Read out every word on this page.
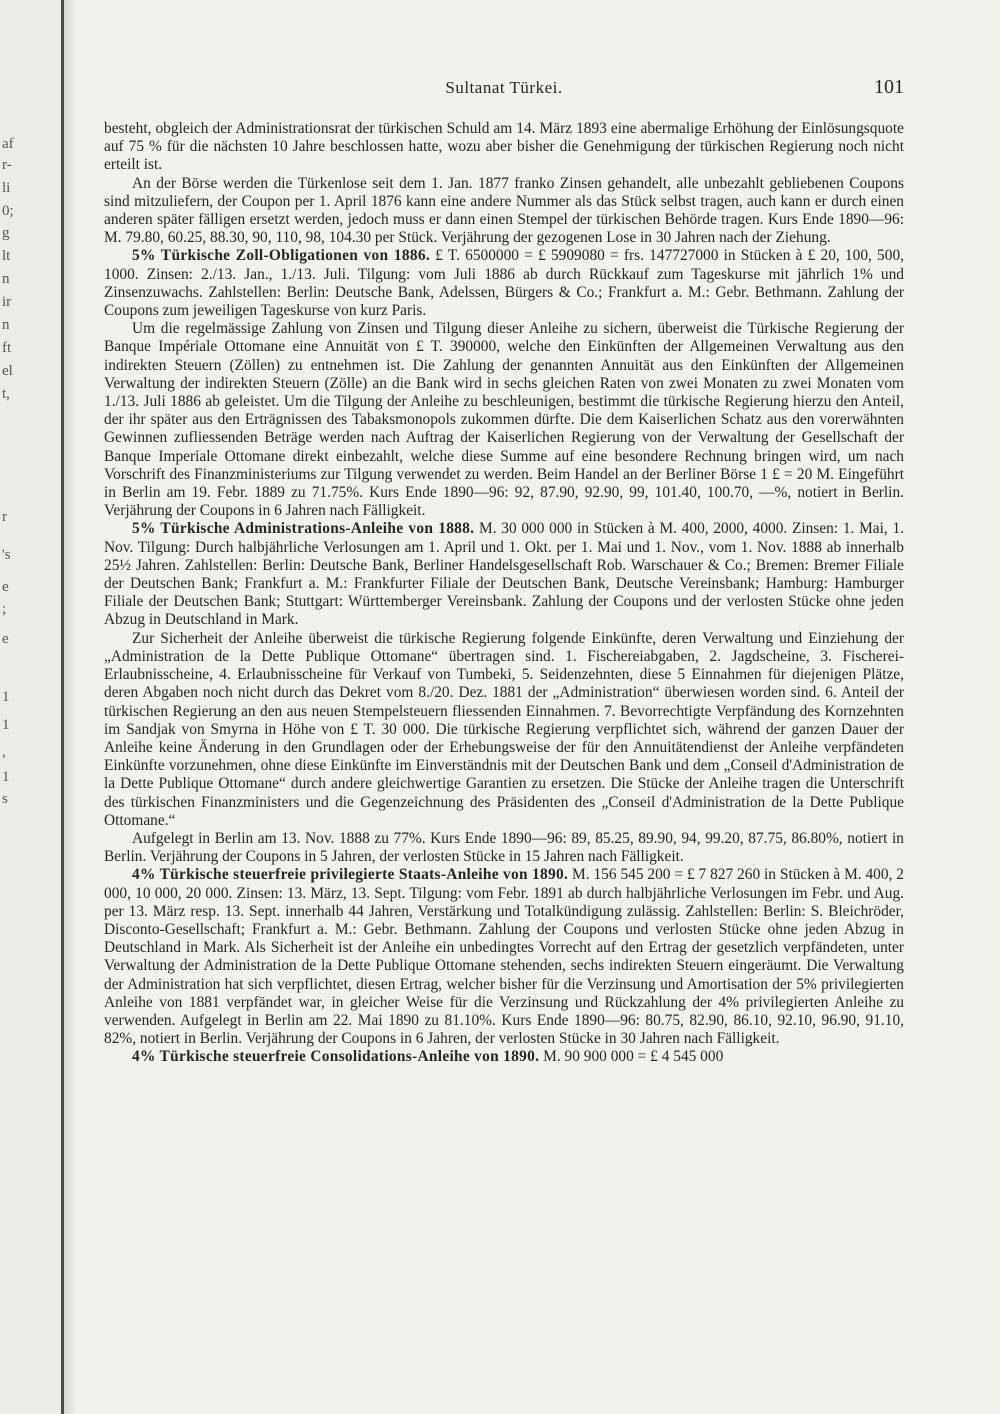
af
r-
li
0;
g
lt
n
ir
n
ft
el
t,
r
's
e
;
e
1
1
,
1
s
Sultanat Türkei.	101

besteht, obgleich der Administrationsrat der türkischen Schuld am 14. März 1893 eine abermalige Erhöhung der Einlösungsquote auf 75 % für die nächsten 10 Jahre beschlossen hatte, wozu aber bisher die Genehmigung der türkischen Regierung noch nicht erteilt ist.

An der Börse werden die Türkenlose seit dem 1. Jan. 1877 franko Zinsen gehandelt, alle unbezahlt gebliebenen Coupons sind mitzuliefern, der Coupon per 1. April 1876 kann eine andere Nummer als das Stück selbst tragen, auch kann er durch einen anderen später fälligen ersetzt werden, jedoch muss er dann einen Stempel der türkischen Behörde tragen. Kurs Ende 1890—96: M. 79.80, 60.25, 88.30, 90, 110, 98, 104.30 per Stück. Verjährung der gezogenen Lose in 30 Jahren nach der Ziehung.

5% Türkische Zoll-Obligationen von 1886. £ T. 6500000 = £ 5909080 = frs. 147727000 in Stücken à £ 20, 100, 500, 1000. Zinsen: 2./13. Jan., 1./13. Juli. Tilgung: vom Juli 1886 ab durch Rückkauf zum Tageskurse mit jährlich 1% und Zinsenzuwachs. Zahlstellen: Berlin: Deutsche Bank, Adelssen, Bürgers & Co.; Frankfurt a. M.: Gebr. Bethmann. Zahlung der Coupons zum jeweiligen Tageskurse von kurz Paris.

Um die regelmässige Zahlung von Zinsen und Tilgung dieser Anleihe zu sichern, überweist die Türkische Regierung der Banque Impériale Ottomane eine Annuität von £ T. 390000, welche den Einkünften der Allgemeinen Verwaltung aus den indirekten Steuern (Zöllen) zu entnehmen ist. Die Zahlung der genannten Annuität aus den Einkünften der Allgemeinen Verwaltung der indirekten Steuern (Zölle) an die Bank wird in sechs gleichen Raten von zwei Monaten zu zwei Monaten vom 1./13. Juli 1886 ab geleistet. Um die Tilgung der Anleihe zu beschleunigen, bestimmt die türkische Regierung hierzu den Anteil, der ihr später aus den Erträgnissen des Tabaksmonopols zukommen dürfte. Die dem Kaiserlichen Schatz aus den vorerwähnten Gewinnen zufliessenden Beträge werden nach Auftrag der Kaiserlichen Regierung von der Verwaltung der Gesellschaft der Banque Imperiale Ottomane direkt einbezahlt, welche diese Summe auf eine besondere Rechnung bringen wird, um nach Vorschrift des Finanzministeriums zur Tilgung verwendet zu werden. Beim Handel an der Berliner Börse 1 £ = 20 M. Eingeführt in Berlin am 19. Febr. 1889 zu 71.75%. Kurs Ende 1890—96: 92, 87.90, 92.90, 99, 101.40, 100.70, —%, notiert in Berlin. Verjährung der Coupons in 6 Jahren nach Fälligkeit.

5% Türkische Administrations-Anleihe von 1888. M. 30 000 000 in Stücken à M. 400, 2000, 4000. Zinsen: 1. Mai, 1. Nov. Tilgung: Durch halbjährliche Verlosungen am 1. April und 1. Okt. per 1. Mai und 1. Nov., vom 1. Nov. 1888 ab innerhalb 25½ Jahren. Zahlstellen: Berlin: Deutsche Bank, Berliner Handelsgesellschaft Rob. Warschauer & Co.; Bremen: Bremer Filiale der Deutschen Bank; Frankfurt a. M.: Frankfurter Filiale der Deutschen Bank, Deutsche Vereinsbank; Hamburg: Hamburger Filiale der Deutschen Bank; Stuttgart: Württemberger Vereinsbank. Zahlung der Coupons und der verlosten Stücke ohne jeden Abzug in Deutschland in Mark.

Zur Sicherheit der Anleihe überweist die türkische Regierung folgende Einkünfte, deren Verwaltung und Einziehung der „Administration de la Dette Publique Ottomane“ übertragen sind. 1. Fischereiabgaben, 2. Jagdscheine, 3. Fischerei-Erlaubnisscheine, 4. Erlaubnisscheine für Verkauf von Tumbeki, 5. Seidenzehnten, diese 5 Einnahmen für diejenigen Plätze, deren Abgaben noch nicht durch das Dekret vom 8./20. Dez. 1881 der „Administration“ überwiesen worden sind. 6. Anteil der türkischen Regierung an den aus neuen Stempelsteuern fliessenden Einnahmen. 7. Bevorrechtigte Verpfändung des Kornzehnten im Sandjak von Smyrna in Höhe von £ T. 30 000. Die türkische Regierung verpflichtet sich, während der ganzen Dauer der Anleihe keine Änderung in den Grundlagen oder der Erhebungsweise der für den Annuitätendienst der Anleihe verpfändeten Einkünfte vorzunehmen, ohne diese Einkünfte im Einverständnis mit der Deutschen Bank und dem „Conseil d'Administration de la Dette Publique Ottomane“ durch andere gleichwertige Garantien zu ersetzen. Die Stücke der Anleihe tragen die Unterschrift des türkischen Finanzministers und die Gegenzeichnung des Präsidenten des „Conseil d'Administration de la Dette Publique Ottomane.“

Aufgelegt in Berlin am 13. Nov. 1888 zu 77%. Kurs Ende 1890—96: 89, 85.25, 89.90, 94, 99.20, 87.75, 86.80%, notiert in Berlin. Verjährung der Coupons in 5 Jahren, der verlosten Stücke in 15 Jahren nach Fälligkeit.

4% Türkische steuerfreie privilegierte Staats-Anleihe von 1890. M. 156 545 200 = £ 7 827 260 in Stücken à M. 400, 2 000, 10 000, 20 000. Zinsen: 13. März, 13. Sept. Tilgung: vom Febr. 1891 ab durch halbjährliche Verlosungen im Febr. und Aug. per 13. März resp. 13. Sept. innerhalb 44 Jahren, Verstärkung und Totalkündigung zulässig. Zahlstellen: Berlin: S. Bleichröder, Disconto-Gesellschaft; Frankfurt a. M.: Gebr. Bethmann. Zahlung der Coupons und verlosten Stücke ohne jeden Abzug in Deutschland in Mark. Als Sicherheit ist der Anleihe ein unbedingtes Vorrecht auf den Ertrag der gesetzlich verpfändeten, unter Verwaltung der Administration de la Dette Publique Ottomane stehenden, sechs indirekten Steuern eingeräumt. Die Verwaltung der Administration hat sich verpflichtet, diesen Ertrag, welcher bisher für die Verzinsung und Amortisation der 5% privilegierten Anleihe von 1881 verpfändet war, in gleicher Weise für die Verzinsung und Rückzahlung der 4% privilegierten Anleihe zu verwenden. Aufgelegt in Berlin am 22. Mai 1890 zu 81.10%. Kurs Ende 1890—96: 80.75, 82.90, 86.10, 92.10, 96.90, 91.10, 82%, notiert in Berlin. Verjährung der Coupons in 6 Jahren, der verlosten Stücke in 30 Jahren nach Fälligkeit.

4% Türkische steuerfreie Consolidations-Anleihe von 1890. M. 90 900 000 = £ 4 545 000
